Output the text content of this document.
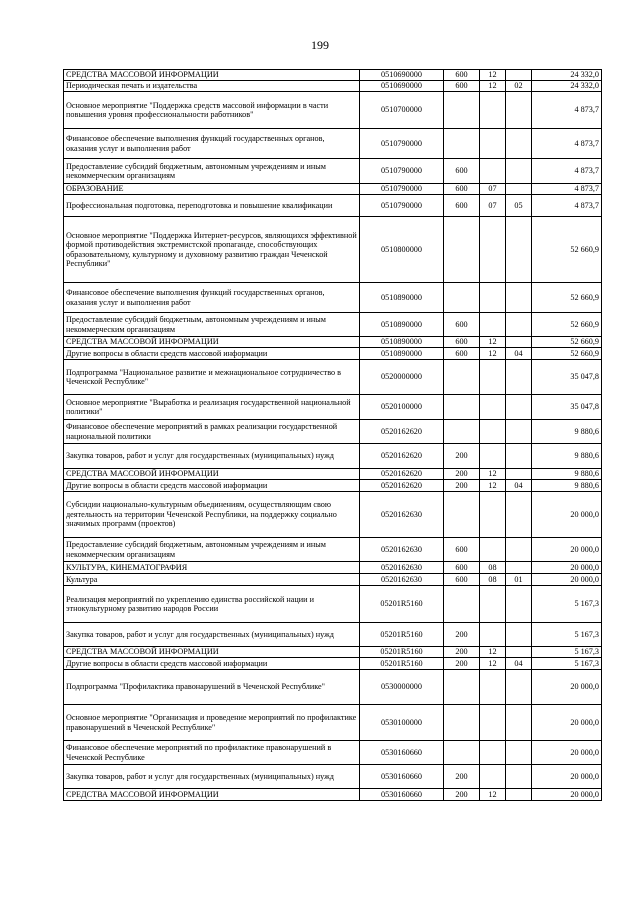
199
СРЕДСТВА МАССОВОЙ ИНФОРМАЦИИ	0510690000	600	12		24 332,0
Периодическая печать и издательства	0510690000	600	12	02	24 332,0
Основное мероприятие "Поддержка средств массовой информации в части повышения уровня профессиональности работников"	0510700000				4 873,7
Финансовое обеспечение выполнения функций государственных органов, оказания услуг и выполнения работ	0510790000				4 873,7
Предоставление субсидий бюджетным, автономным учреждениям и иным некоммерческим организациям	0510790000	600			4 873,7
ОБРАЗОВАНИЕ	0510790000	600	07		4 873,7
Профессиональная подготовка, переподготовка и повышение квалификации	0510790000	600	07	05	4 873,7
Основное мероприятие "Поддержка Интернет-ресурсов, являющихся эффективной формой противодействия экстремистской пропаганде, способствующих образовательному, культурному и духовному развитию граждан Чеченской Республики"	0510800000				52 660,9
Финансовое обеспечение выполнения функций государственных органов, оказания услуг и выполнения работ	0510890000				52 660,9
Предоставление субсидий бюджетным, автономным учреждениям и иным некоммерческим организациям	0510890000	600			52 660,9
СРЕДСТВА МАССОВОЙ ИНФОРМАЦИИ	0510890000	600	12		52 660,9
Другие вопросы в области средств массовой информации	0510890000	600	12	04	52 660,9
Подпрограмма "Национальное развитие и межнациональное сотрудничество в Чеченской Республике"	0520000000				35 047,8
Основное мероприятие "Выработка и реализация государственной национальной политики"	0520100000				35 047,8
Финансовое обеспечение мероприятий в рамках реализации государственной национальной политики	0520162620				9 880,6
Закупка товаров, работ и услуг для государственных (муниципальных) нужд	0520162620	200			9 880,6
СРЕДСТВА МАССОВОЙ ИНФОРМАЦИИ	0520162620	200	12		9 880,6
Другие вопросы в области средств массовой информации	0520162620	200	12	04	9 880,6
Субсидии национально-культурным объединениям, осуществляющим свою деятельность на территории Чеченской Республики, на поддержку социально значимых программ (проектов)	0520162630				20 000,0
Предоставление субсидий бюджетным, автономным учреждениям и иным некоммерческим организациям	0520162630	600			20 000,0
КУЛЬТУРА, КИНЕМАТОГРАФИЯ	0520162630	600	08		20 000,0
Культура	0520162630	600	08	01	20 000,0
Реализация мероприятий по укреплению единства российской нации и этнокультурному развитию народов России	05201R5160				5 167,3
Закупка товаров, работ и услуг для государственных (муниципальных) нужд	05201R5160	200			5 167,3
СРЕДСТВА МАССОВОЙ ИНФОРМАЦИИ	05201R5160	200	12		5 167,3
Другие вопросы в области средств массовой информации	05201R5160	200	12	04	5 167,3
Подпрограмма "Профилактика правонарушений в Чеченской Республике"	0530000000				20 000,0
Основное мероприятие "Организация и проведение мероприятий по профилактике правонарушений в Чеченской Республике"	0530100000				20 000,0
Финансовое обеспечение мероприятий по профилактике правонарушений в Чеченской Республике	0530160660				20 000,0
Закупка товаров, работ и услуг для государственных (муниципальных) нужд	0530160660	200			20 000,0
СРЕДСТВА МАССОВОЙ ИНФОРМАЦИИ	0530160660	200	12		20 000,0
